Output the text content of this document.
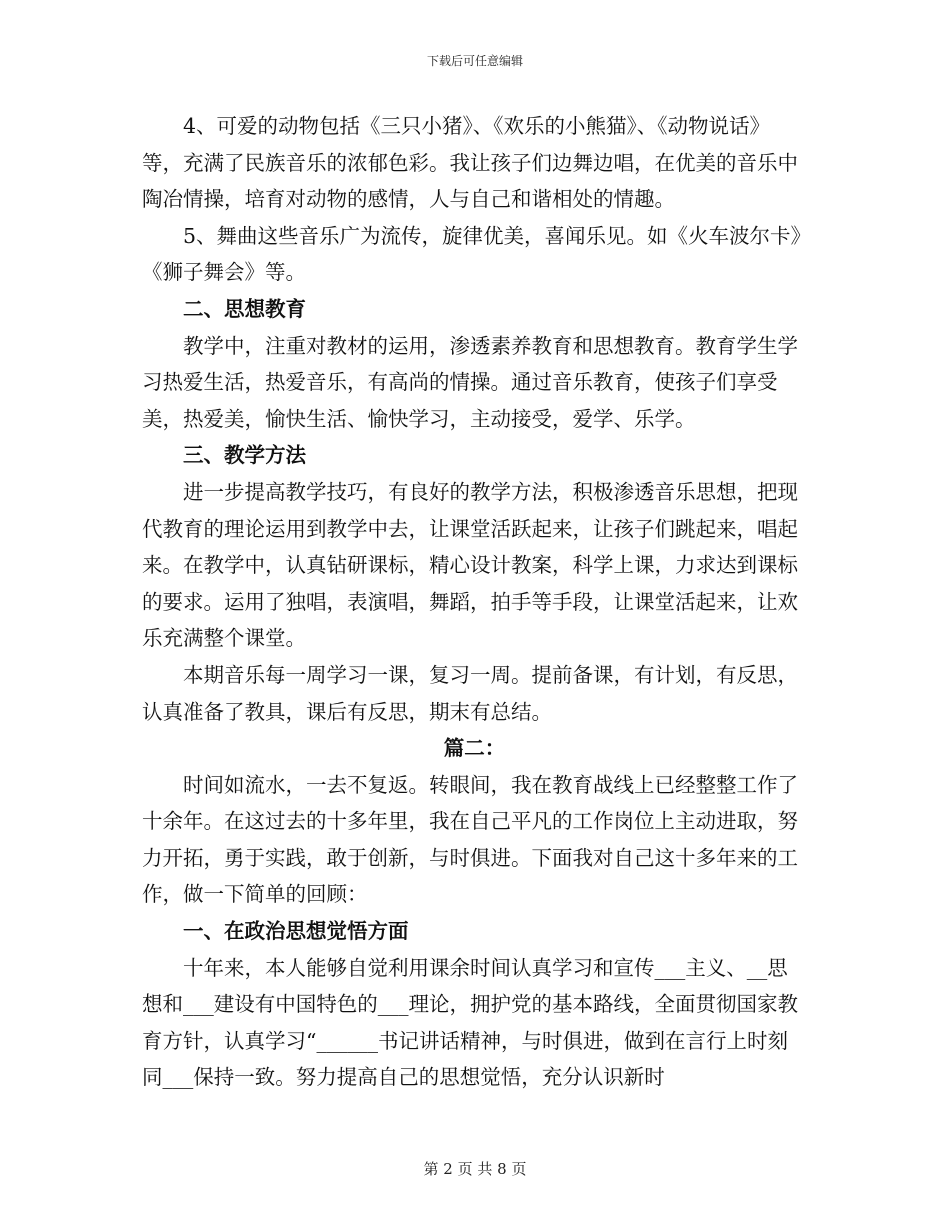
下载后可任意编辑

4、可爱的动物包括《三只小猪》、《欢乐的小熊猫》、《动物说话》等，充满了民族音乐的浓郁色彩。我让孩子们边舞边唱，在优美的音乐中陶冶情操，培育对动物的感情，人与自己和谐相处的情趣。

5、舞曲这些音乐广为流传，旋律优美，喜闻乐见。如《火车波尔卡》《狮子舞会》等。

二、思想教育

教学中，注重对教材的运用，渗透素养教育和思想教育。教育学生学习热爱生活，热爱音乐，有高尚的情操。通过音乐教育，使孩子们享受美，热爱美，愉快生活、愉快学习，主动接受，爱学、乐学。

三、教学方法

进一步提高教学技巧，有良好的教学方法，积极渗透音乐思想，把现代教育的理论运用到教学中去，让课堂活跃起来，让孩子们跳起来，唱起来。在教学中，认真钻研课标，精心设计教案，科学上课，力求达到课标的要求。运用了独唱，表演唱，舞蹈，拍手等手段，让课堂活起来，让欢乐充满整个课堂。

本期音乐每一周学习一课，复习一周。提前备课，有计划，有反思，认真准备了教具，课后有反思，期末有总结。

篇二：

时间如流水，一去不复返。转眼间，我在教育战线上已经整整工作了十余年。在这过去的十多年里，我在自己平凡的工作岗位上主动进取，努力开拓，勇于实践，敢于创新，与时俱进。下面我对自己这十多年来的工作，做一下简单的回顾：

一、在政治思想觉悟方面

十年来，本人能够自觉利用课余时间认真学习和宣传___主义、__思想和___建设有中国特色的___理论，拥护党的基本路线，全面贯彻国家教育方针，认真学习“______书记讲话精神，与时俱进，做到在言行上时刻同___保持一致。努力提高自己的思想觉悟，充分认识新时

第 2 页 共 8 页
